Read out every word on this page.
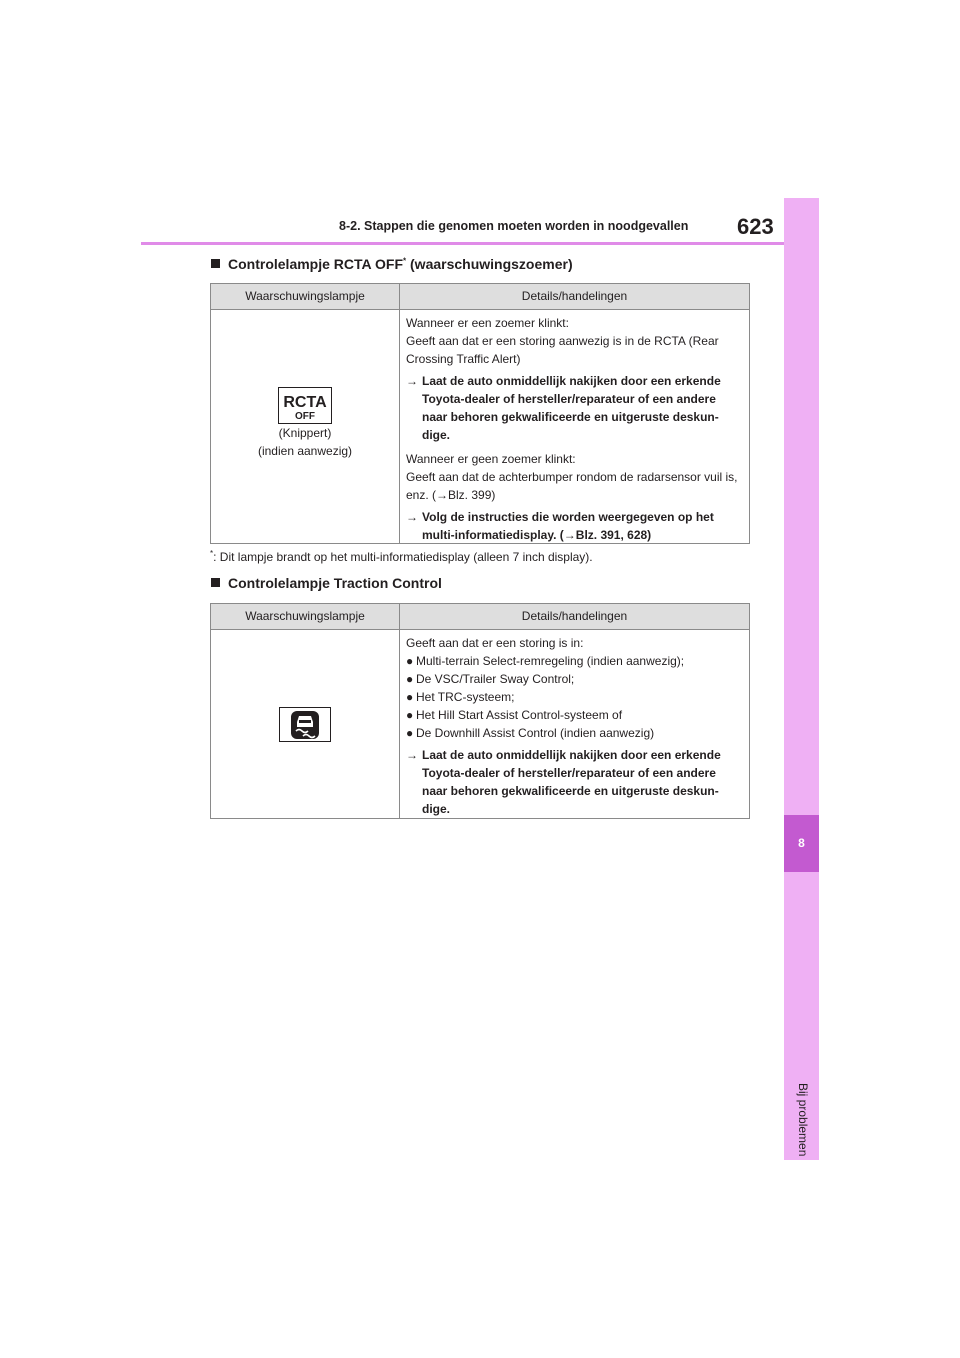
8-2. Stappen die genomen moeten worden in noodgevallen 623
8
Bij problemen
Controlelampje RCTA OFF* (waarschuwingszoemer)
Waarschuwingslampje	Details/handelingen
RCTA
OFF
(Knippert)
(indien aanwezig)

Wanneer er een zoemer klinkt:

Geeft aan dat er een storing aanwezig is in de RCTA (Rear Crossing Traffic Alert)

→ Laat de auto onmiddellijk nakijken door een erkende Toyota-dealer of hersteller/reparateur of een andere naar behoren gekwalificeerde en uitgeruste deskun-dige.

Wanneer er geen zoemer klinkt:

Geeft aan dat de achterbumper rondom de radarsensor vuil is, enz. (→Blz. 399)

→ Volg de instructies die worden weergegeven op het multi-informatiedisplay. (→Blz. 391, 628)
*: Dit lampje brandt op het multi-informatiedisplay (alleen 7 inch display).
Controlelampje Traction Control
Waarschuwingslampje	Details/handelingen

Geeft aan dat er een storing is in:

● Multi-terrain Select-remregeling (indien aanwezig);
● De VSC/Trailer Sway Control;
● Het TRC-systeem;
● Het Hill Start Assist Control-systeem of
● De Downhill Assist Control (indien aanwezig)
→ Laat de auto onmiddellijk nakijken door een erkende Toyota-dealer of hersteller/reparateur of een andere naar behoren gekwalificeerde en uitgeruste deskun-dige.
